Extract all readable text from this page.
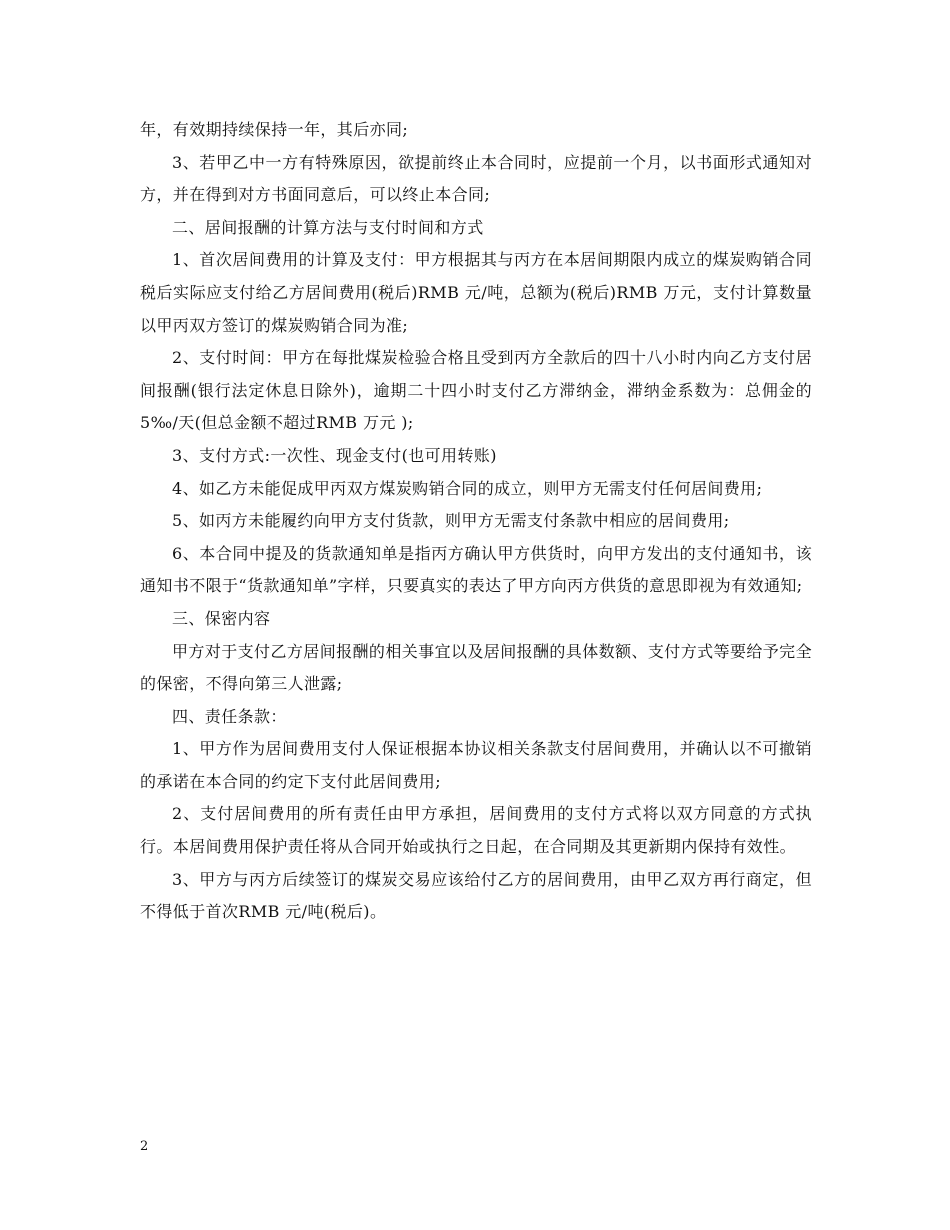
年，有效期持续保持一年，其后亦同;

3、若甲乙中一方有特殊原因，欲提前终止本合同时，应提前一个月，以书面形式通知对方，并在得到对方书面同意后，可以终止本合同;

二、居间报酬的计算方法与支付时间和方式

1、首次居间费用的计算及支付：甲方根据其与丙方在本居间期限内成立的煤炭购销合同税后实际应支付给乙方居间费用(税后)RMB 元/吨，总额为(税后)RMB 万元，支付计算数量以甲丙双方签订的煤炭购销合同为准;

2、支付时间：甲方在每批煤炭检验合格且受到丙方全款后的四十八小时内向乙方支付居间报酬(银行法定休息日除外)，逾期二十四小时支付乙方滞纳金，滞纳金系数为：总佣金的5‰/天(但总金额不超过RMB 万元 );

3、支付方式:一次性、现金支付(也可用转账)

4、如乙方未能促成甲丙双方煤炭购销合同的成立，则甲方无需支付任何居间费用;

5、如丙方未能履约向甲方支付货款，则甲方无需支付条款中相应的居间费用;

6、本合同中提及的货款通知单是指丙方确认甲方供货时，向甲方发出的支付通知书，该通知书不限于“货款通知单”字样，只要真实的表达了甲方向丙方供货的意思即视为有效通知;

三、保密内容

甲方对于支付乙方居间报酬的相关事宜以及居间报酬的具体数额、支付方式等要给予完全的保密，不得向第三人泄露;

四、责任条款：

1、甲方作为居间费用支付人保证根据本协议相关条款支付居间费用，并确认以不可撤销的承诺在本合同的约定下支付此居间费用;

2、支付居间费用的所有责任由甲方承担，居间费用的支付方式将以双方同意的方式执行。本居间费用保护责任将从合同开始或执行之日起，在合同期及其更新期内保持有效性。

3、甲方与丙方后续签订的煤炭交易应该给付乙方的居间费用，由甲乙双方再行商定，但不得低于首次RMB 元/吨(税后)。

2
